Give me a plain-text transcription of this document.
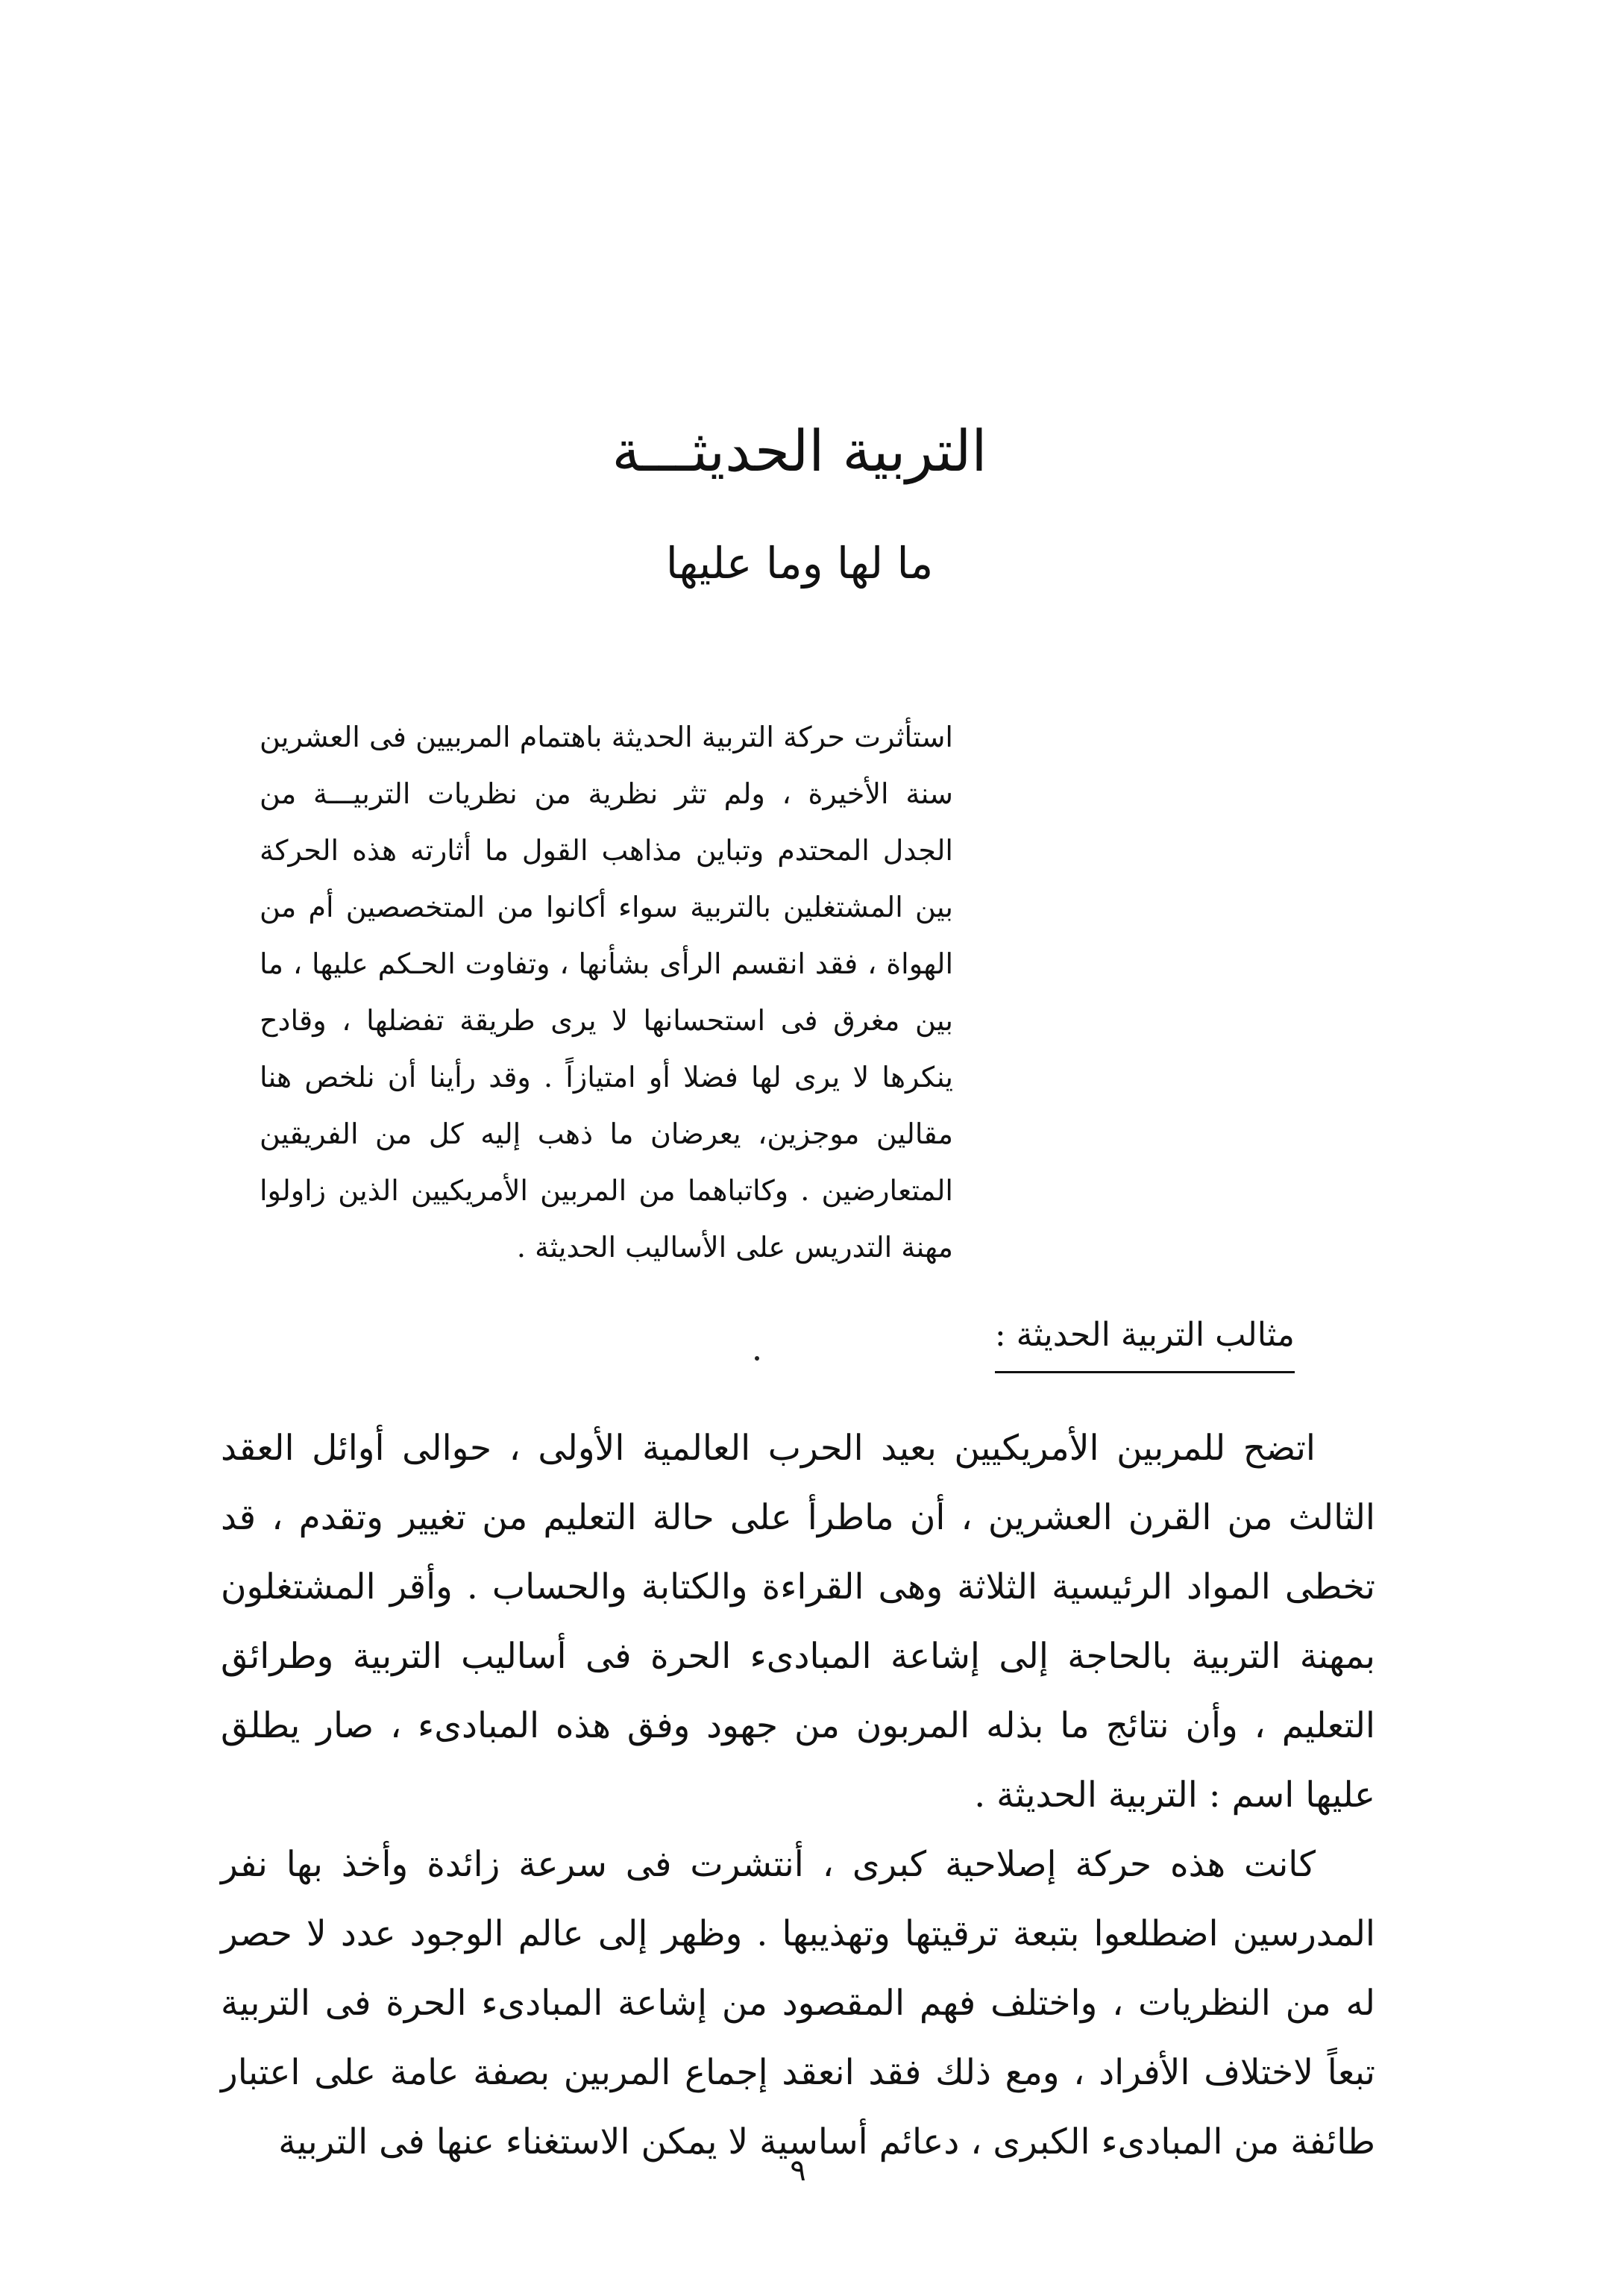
التربية الحديثـــة
ما لها وما عليها

استأثرت حركة التربية الحديثة باهتمام المربيين فى العشرين سنة الأخيرة ، ولم تثر نظرية من نظريات التربيـــة من الجدل المحتدم وتباين مذاهب القول ما أثارته هذه الحركة بين المشتغلين بالتربية سواء أكانوا من المتخصصين أم من الهواة ، فقد انقسم الرأى بشأنها ، وتفاوت الحـكم عليها ، ما بين مغرق فى استحسانها لا يرى طريقة تفضلها ، وقادح ينكرها لا يرى لها فضلا أو امتيازاً . وقد رأينا أن نلخص هنا مقالين موجزين، يعرضان ما ذهب إليه كل من الفريقين المتعارضين . وكاتباهما من المربين الأمريكيين الذين زاولوا مهنة التدريس على الأساليب الحديثة .

مثالب التربية الحديثة :

اتضح للمربين الأمريكيين بعيد الحرب العالمية الأولى ، حوالى أوائل العقد الثالث من القرن العشرين ، أن ماطرأ على حالة التعليم من تغيير وتقدم ، قد تخطى المواد الرئيسية الثلاثة وهى القراءة والكتابة والحساب . وأقر المشتغلون بمهنة التربية بالحاجة إلى إشاعة المبادىء الحرة فى أساليب التربية وطرائق التعليم ، وأن نتائج ما بذله المربون من جهود وفق هذه المبادىء ، صار يطلق عليها اسم : التربية الحديثة .

كانت هذه حركة إصلاحية كبرى ، أنتشرت فى سرعة زائدة وأخذ بها نفر المدرسين اضطلعوا بتبعة ترقيتها وتهذيبها . وظهر إلى عالم الوجود عدد لا حصر له من النظريات ، واختلف فهم المقصود من إشاعة المبادىء الحرة فى التربية تبعاً لاختلاف الأفراد ، ومع ذلك فقد انعقد إجماع المربين بصفة عامة على اعتبار طائفة من المبادىء الكبرى ، دعائم أساسية لا يمكن الاستغناء عنها فى التربية

٩
